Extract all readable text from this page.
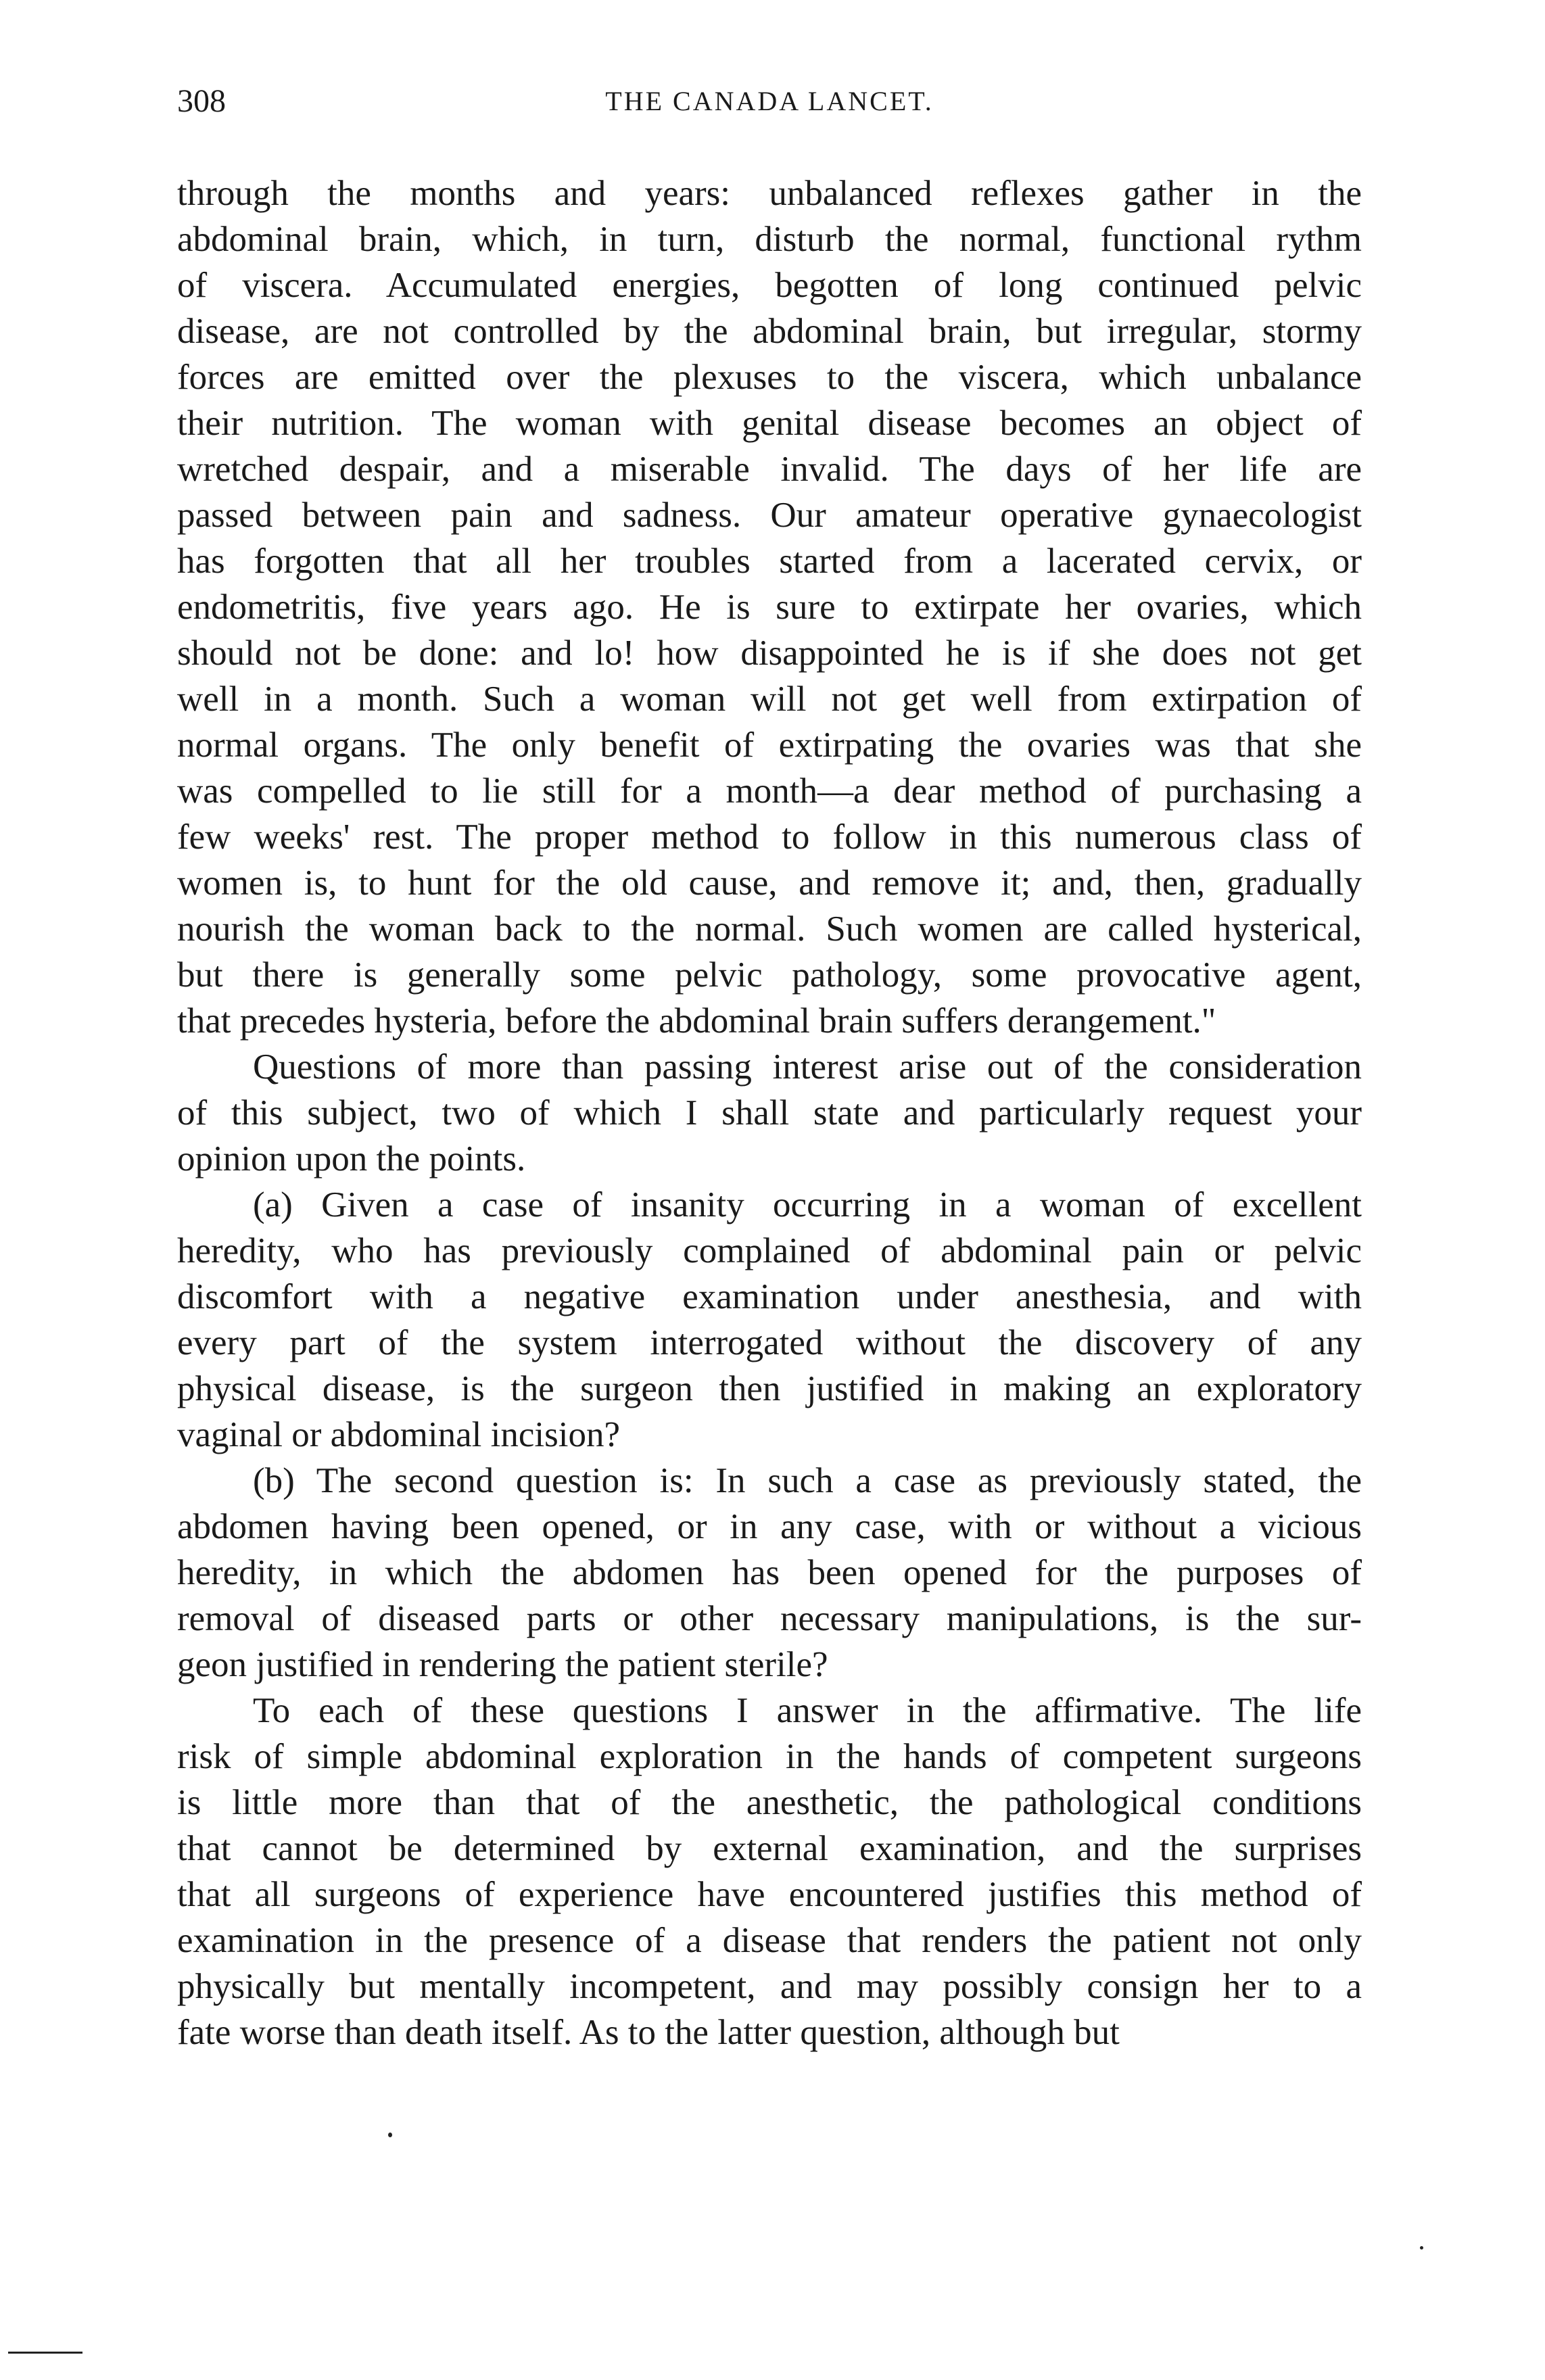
308	THE CANADA LANCET.
through the months and years: unbalanced reflexes gather in the
abdominal brain, which, in turn, disturb the normal, functional rythm
of viscera. Accumulated energies, begotten of long continued pelvic
disease, are not controlled by the abdominal brain, but irregular, stormy
forces are emitted over the plexuses to the viscera, which unbalance
their nutrition. The woman with genital disease becomes an object of
wretched despair, and a miserable invalid. The days of her life are
passed between pain and sadness. Our amateur operative gynaecologist
has forgotten that all her troubles started from a lacerated cervix, or
endometritis, five years ago. He is sure to extirpate her ovaries, which
should not be done: and lo! how disappointed he is if she does not get
well in a month. Such a woman will not get well from extirpation of
normal organs. The only benefit of extirpating the ovaries was that she
was compelled to lie still for a month—a dear method of purchasing a
few weeks' rest. The proper method to follow in this numerous class of
women is, to hunt for the old cause, and remove it; and, then, gradually
nourish the woman back to the normal. Such women are called hysterical,
but there is generally some pelvic pathology, some provocative agent,
that precedes hysteria, before the abdominal brain suffers derangement."
Questions of more than passing interest arise out of the consideration
of this subject, two of which I shall state and particularly request your
opinion upon the points.
(a) Given a case of insanity occurring in a woman of excellent
heredity, who has previously complained of abdominal pain or pelvic
discomfort with a negative examination under anesthesia, and with
every part of the system interrogated without the discovery of any
physical disease, is the surgeon then justified in making an exploratory
vaginal or abdominal incision?
(b) The second question is: In such a case as previously stated, the
abdomen having been opened, or in any case, with or without a vicious
heredity, in which the abdomen has been opened for the purposes of
removal of diseased parts or other necessary manipulations, is the sur-
geon justified in rendering the patient sterile?
To each of these questions I answer in the affirmative. The life
risk of simple abdominal exploration in the hands of competent surgeons
is little more than that of the anesthetic, the pathological conditions
that cannot be determined by external examination, and the surprises
that all surgeons of experience have encountered justifies this method of
examination in the presence of a disease that renders the patient not only
physically but mentally incompetent, and may possibly consign her to a
fate worse than death itself. As to the latter question, although but
